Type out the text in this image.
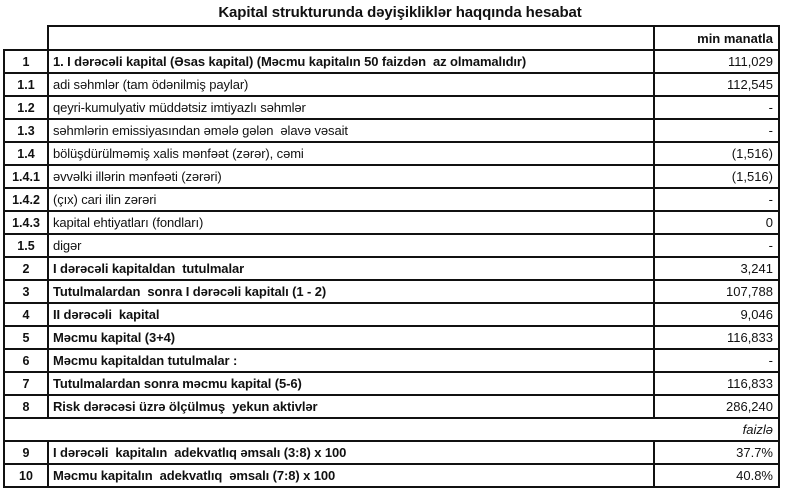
Kapital strukturunda dəyişikliklər haqqında hesabat
		min manatla
1	1. I dərəcəli kapital (Əsas kapital) (Məcmu kapitalın 50 faizdən  az olmamalıdır)	111,029
1.1	adi səhmlər (tam ödənilmiş paylar)	112,545
1.2	qeyri-kumulyativ müddətsiz imtiyazlı səhmlər	-
1.3	səhmlərin emissiyasından əmələ gələn  əlavə vəsait	-
1.4	bölüşdürülməmiş xalis mənfəət (zərər), cəmi	(1,516)
1.4.1	əvvəlki illərin mənfəəti (zərəri)	(1,516)
1.4.2	(çıx) cari ilin zərəri	-
1.4.3	kapital ehtiyatları (fondları)	0
1.5	digər	-
2	I dərəcəli kapitaldan  tutulmalar	3,241
3	Tutulmalardan  sonra I dərəcəli kapitalı (1 - 2)	107,788
4	II dərəcəli  kapital	9,046
5	Məcmu kapital (3+4)	116,833
6	Məcmu kapitaldan tutulmalar :	-
7	Tutulmalardan sonra məcmu kapital (5-6)	116,833
8	Risk dərəcəsi üzrə ölçülmuş  yekun aktivlər	286,240
faizlə		
9	I dərəcəli  kapitalın  adekvatlıq əmsalı (3:8) x 100	37.7%
10	Məcmu kapitalın  adekvatlıq  əmsalı (7:8) x 100	40.8%
